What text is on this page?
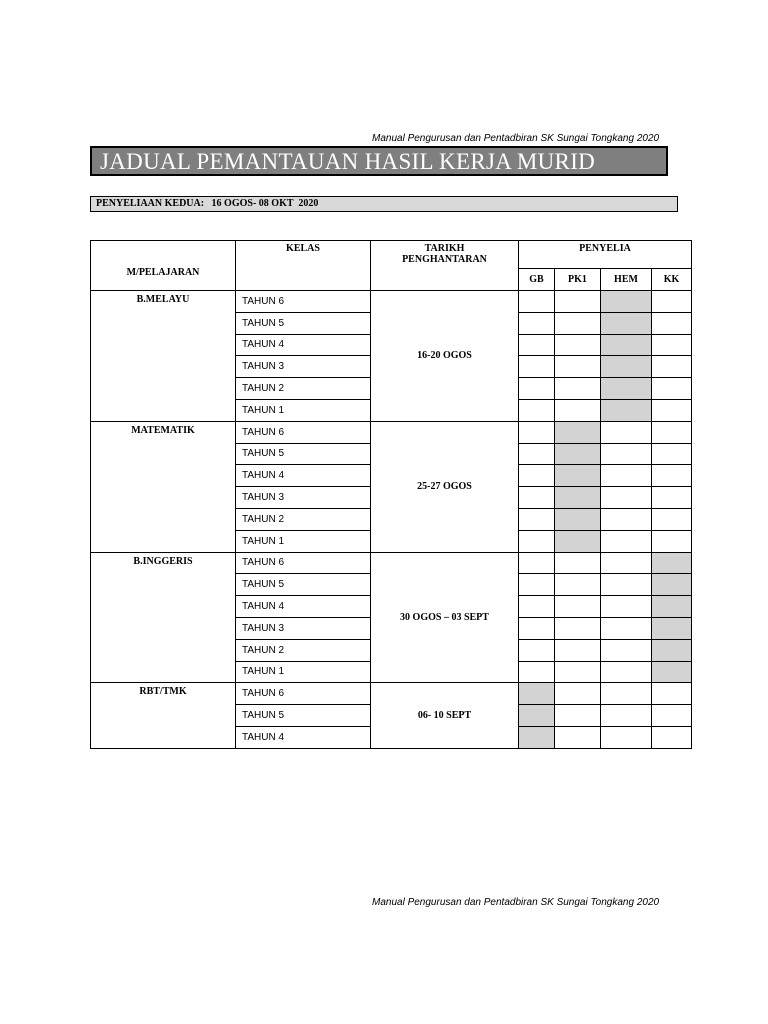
Manual Pengurusan dan Pentadbiran SK Sungai Tongkang 2020
JADUAL PEMANTAUAN HASIL KERJA MURID
PENYELIAAN KEDUA:   16 OGOS- 08 OKT  2020
M/PELAJARAN	KELAS	TARIKH PENGHANTARAN	PENYELIA			
			GB	PK1	HEM	KK
B.MELAYU	TAHUN 6	16-20 OGOS				
	TAHUN 5					
	TAHUN 4					
	TAHUN 3					
	TAHUN 2					
	TAHUN 1					
MATEMATIK	TAHUN 6	25-27 OGOS				
	TAHUN 5					
	TAHUN 4					
	TAHUN 3					
	TAHUN 2					
	TAHUN 1					
B.INGGERIS	TAHUN 6	30 OGOS – 03 SEPT				
	TAHUN 5					
	TAHUN 4					
	TAHUN 3					
	TAHUN 2					
	TAHUN 1					
RBT/TMK	TAHUN 6	06- 10 SEPT				
	TAHUN 5					
	TAHUN 4					
Manual Pengurusan dan Pentadbiran SK Sungai Tongkang 2020
